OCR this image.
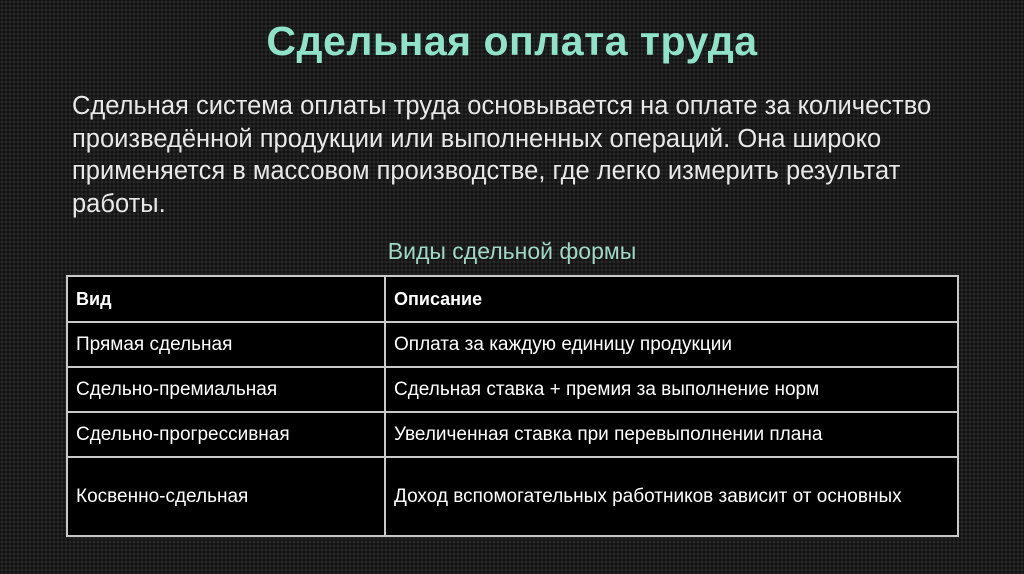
Сдельная оплата труда
Сдельная система оплаты труда основывается на оплате за количество произведённой продукции или выполненных операций. Она широко применяется в массовом производстве, где легко измерить результат работы.
Виды сдельной формы
Вид	Описание
Прямая сдельная	Оплата за каждую единицу продукции
Сдельно-премиальная	Сдельная ставка + премия за выполнение норм
Сдельно-прогрессивная	Увеличенная ставка при перевыполнении плана
Косвенно-сдельная	Доход вспомогательных работников зависит от основных
